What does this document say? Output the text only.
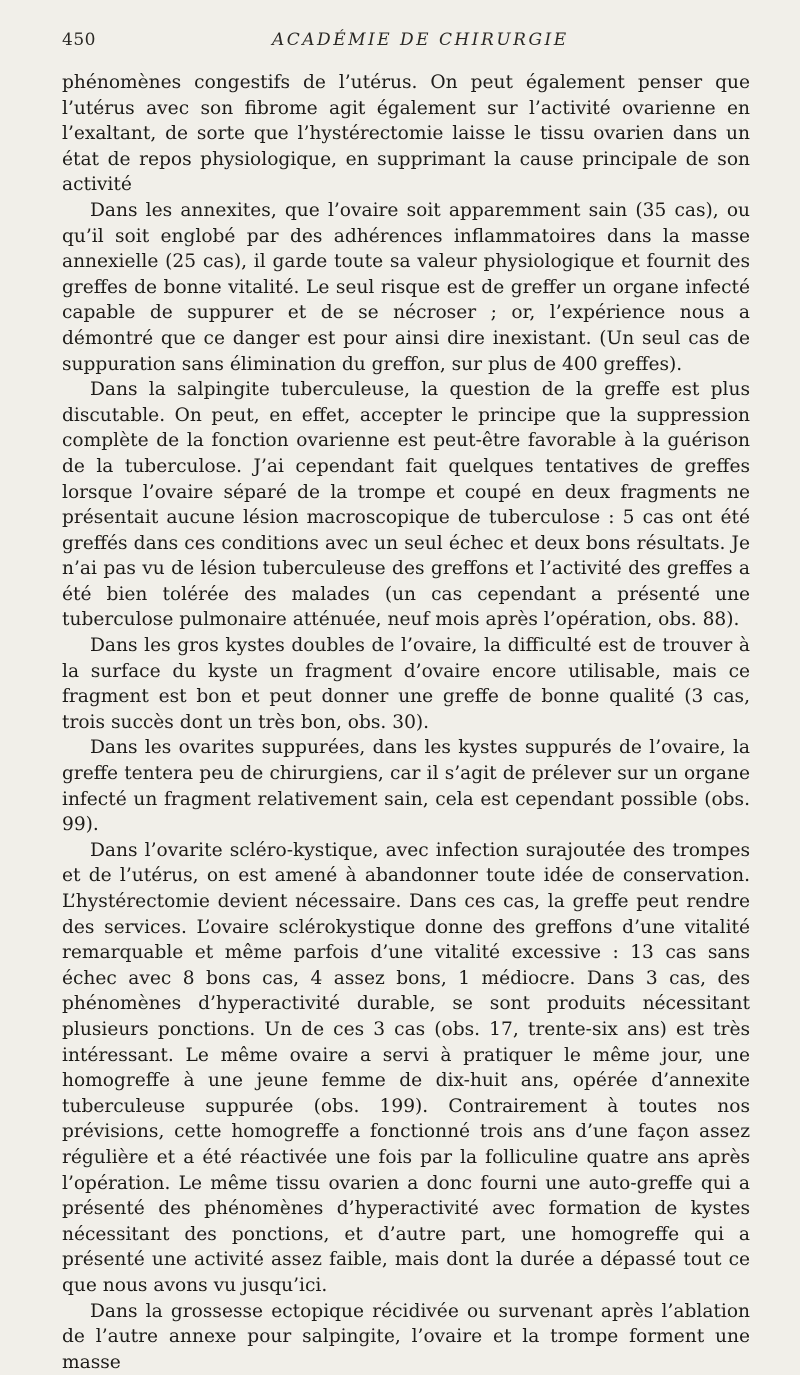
450	ACADÉMIE DE CHIRURGIE

phénomènes congestifs de l’utérus. On peut également penser que l’utérus avec son fibrome agit également sur l’activité ovarienne en l’exaltant, de sorte que l’hystérectomie laisse le tissu ovarien dans un état de repos physiologique, en supprimant la cause principale de son activité

Dans les annexites, que l’ovaire soit apparemment sain (35 cas), ou qu’il soit englobé par des adhérences inflammatoires dans la masse annexielle (25 cas), il garde toute sa valeur physiologique et fournit des greffes de bonne vitalité. Le seul risque est de greffer un organe infecté capable de suppurer et de se nécroser ; or, l’expérience nous a démontré que ce danger est pour ainsi dire inexistant. (Un seul cas de suppuration sans élimination du greffon, sur plus de 400 greffes).

Dans la salpingite tuberculeuse, la question de la greffe est plus discutable. On peut, en effet, accepter le principe que la suppression complète de la fonction ovarienne est peut-être favorable à la guérison de la tuberculose. J’ai cependant fait quelques tentatives de greffes lorsque l’ovaire séparé de la trompe et coupé en deux fragments ne présentait aucune lésion macroscopique de tuberculose : 5 cas ont été greffés dans ces conditions avec un seul échec et deux bons résultats. Je n’ai pas vu de lésion tuberculeuse des greffons et l’activité des greffes a été bien tolérée des malades (un cas cependant a présenté une tuberculose pulmonaire atténuée, neuf mois après l’opération, obs. 88).

Dans les gros kystes doubles de l’ovaire, la difficulté est de trouver à la surface du kyste un fragment d’ovaire encore utilisable, mais ce fragment est bon et peut donner une greffe de bonne qualité (3 cas, trois succès dont un très bon, obs. 30).

Dans les ovarites suppurées, dans les kystes suppurés de l’ovaire, la greffe tentera peu de chirurgiens, car il s’agit de prélever sur un organe infecté un fragment relativement sain, cela est cependant possible (obs. 99).

Dans l’ovarite scléro-kystique, avec infection surajoutée des trompes et de l’utérus, on est amené à abandonner toute idée de conservation. L’hystérectomie devient nécessaire. Dans ces cas, la greffe peut rendre des services. L’ovaire sclérokystique donne des greffons d’une vitalité remarquable et même parfois d’une vitalité excessive : 13 cas sans échec avec 8 bons cas, 4 assez bons, 1 médiocre. Dans 3 cas, des phénomènes d’hyperactivité durable, se sont produits nécessitant plusieurs ponctions. Un de ces 3 cas (obs. 17, trente-six ans) est très intéressant. Le même ovaire a servi à pratiquer le même jour, une homogreffe à une jeune femme de dix-huit ans, opérée d’annexite tuberculeuse suppurée (obs. 199). Contrairement à toutes nos prévisions, cette homogreffe a fonctionné trois ans d’une façon assez régulière et a été réactivée une fois par la folliculine quatre ans après l’opération. Le même tissu ovarien a donc fourni une auto-greffe qui a présenté des phénomènes d’hyperactivité avec formation de kystes nécessitant des ponctions, et d’autre part, une homogreffe qui a présenté une activité assez faible, mais dont la durée a dépassé tout ce que nous avons vu jusqu’ici.

Dans la grossesse ectopique récidivée ou survenant après l’ablation de l’autre annexe pour salpingite, l’ovaire et la trompe forment une masse
